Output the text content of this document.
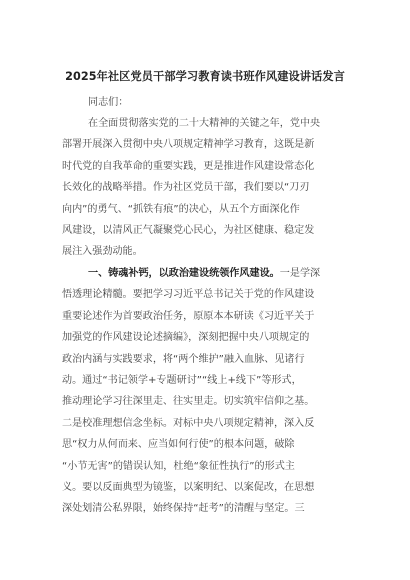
2025年社区党员干部学习教育读书班作风建设讲话发言
同志们：
在全面贯彻落实党的二十大精神的关键之年，党中央
部署开展深入贯彻中央八项规定精神学习教育，这既是新
时代党的自我革命的重要实践，更是推进作风建设常态化
长效化的战略举措。作为社区党员干部，我们要以“刀刃
向内”的勇气、“抓铁有痕”的决心，从五个方面深化作
风建设，以清风正气凝聚党心民心，为社区健康、稳定发
展注入强劲动能。
一、铸魂补钙，以政治建设统领作风建设。一是学深
悟透理论精髓。要把学习习近平总书记关于党的作风建设
重要论述作为首要政治任务，原原本本研读《习近平关于
加强党的作风建设论述摘编》，深刻把握中央八项规定的
政治内涵与实践要求，将“两个维护”融入血脉、见诸行
动。通过“书记领学+专题研讨”“线上+线下”等形式，
推动理论学习往深里走、往实里走。切实筑牢信仰之基。
二是校准理想信念坐标。对标中央八项规定精神，深入反
思“权力从何而来、应当如何行使”的根本问题，破除
“小节无害”的错误认知，杜绝“象征性执行”的形式主
义。要以反面典型为镜鉴，以案明纪、以案促改，在思想
深处划清公私界限，始终保持“赶考”的清醒与坚定。三
